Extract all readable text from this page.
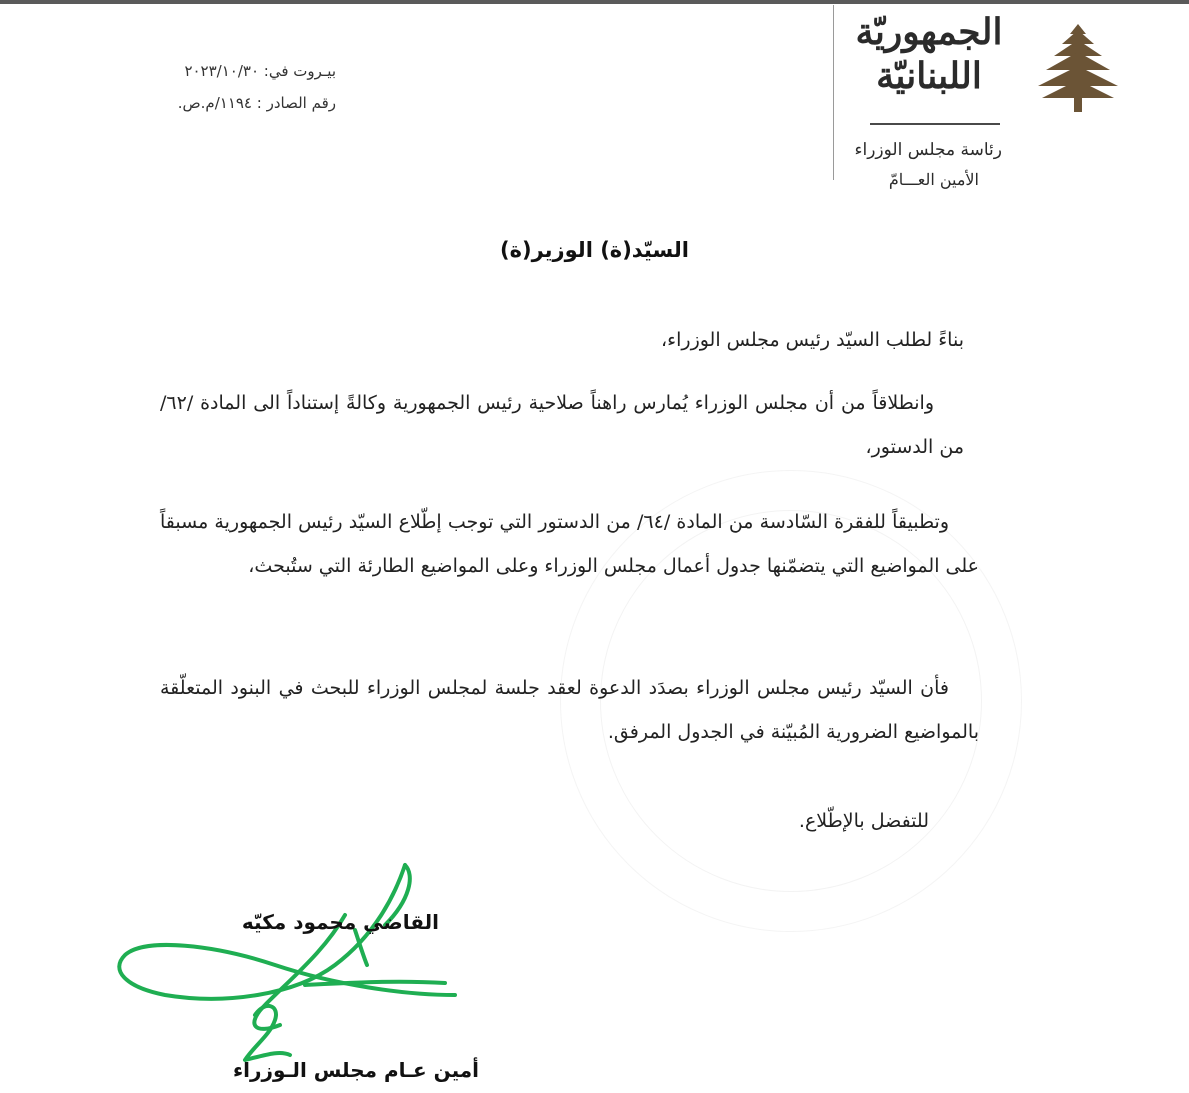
الجمهوريّة
اللبنانيّة
رئاسة مجلس الوزراء
الأمين العـــامّ
بيـروت في: ٢٠٢٣/١٠/٣٠
رقم الصادر : ١١٩٤/م.ص.
السيّد(ة) الوزير(ة)
بناءً لطلب السيّد رئيس مجلس الوزراء،
وانطلاقاً من أن مجلس الوزراء يُمارس راهناً صلاحية رئيس الجمهورية وكالةً إستناداً الى المادة /٦٢/ من الدستور،
وتطبيقاً للفقرة السّادسة من المادة /٦٤/ من الدستور التي توجب إطّلاع السيّد رئيس الجمهورية مسبقاً على المواضيع التي يتضمّنها جدول أعمال مجلس الوزراء وعلى المواضيع الطارئة التي ستُبحث،
فأن السيّد رئيس مجلس الوزراء بصدَد الدعوة لعقد جلسة لمجلس الوزراء للبحث في البنود المتعلّقة بالمواضيع الضرورية المُبيّنة في الجدول المرفق.
للتفضل بالإطّلاع.
القاضي محمود مكيّه
أمين عـام مجلس الـوزراء
